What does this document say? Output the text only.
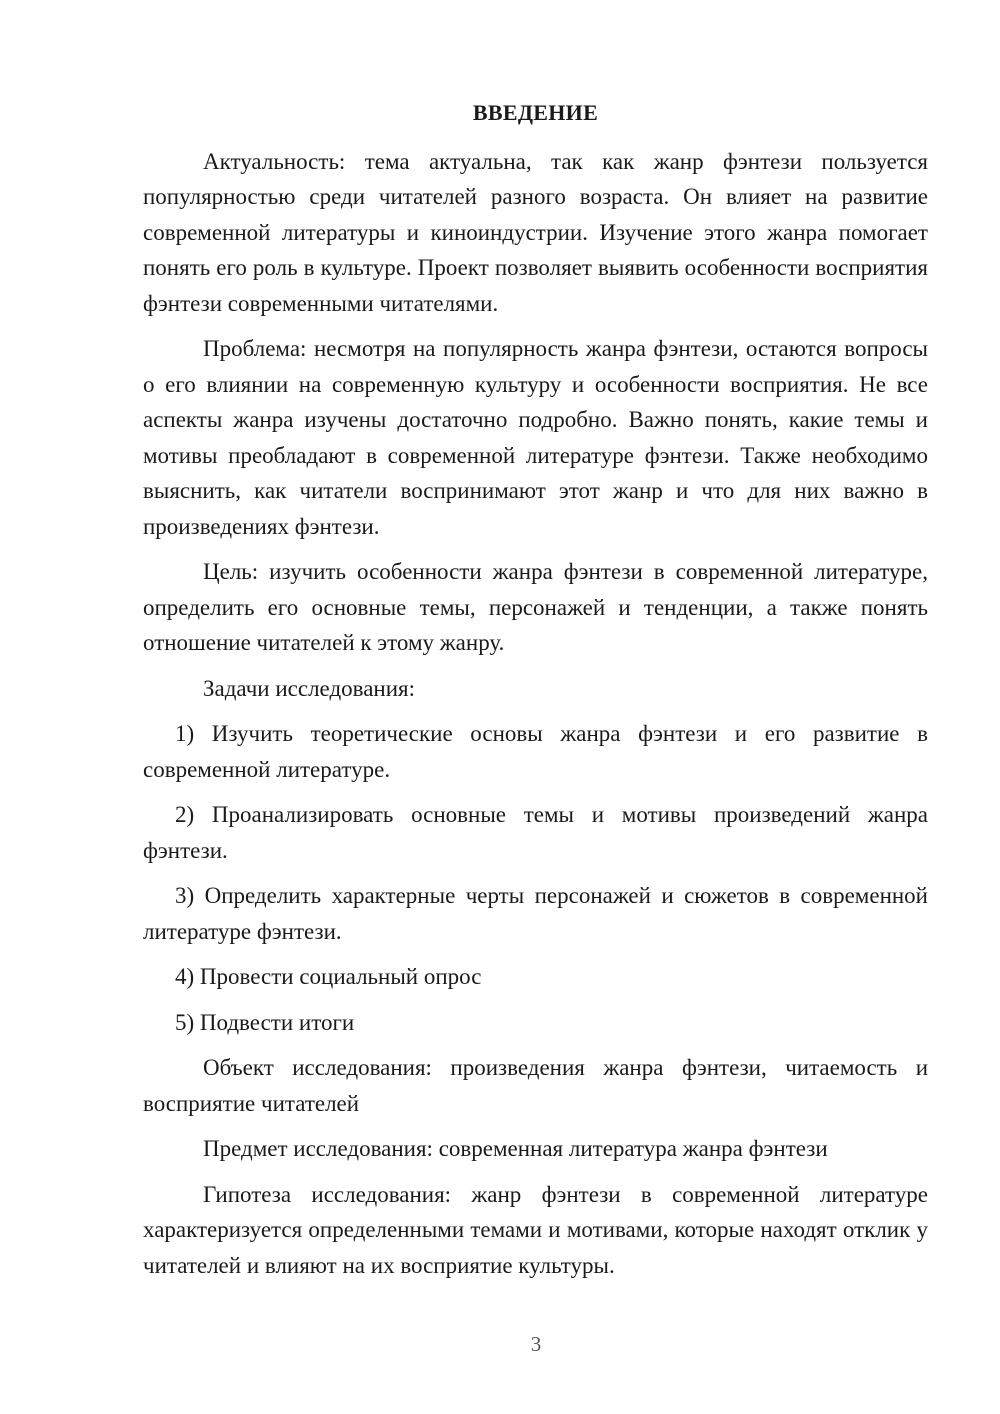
ВВЕДЕНИЕ

Актуальность: тема актуальна, так как жанр фэнтези пользуется популярностью среди читателей разного возраста. Он влияет на развитие современной литературы и киноиндустрии. Изучение этого жанра помогает понять его роль в культуре. Проект позволяет выявить особенности восприятия фэнтези современными читателями.

Проблема: несмотря на популярность жанра фэнтези, остаются вопросы о его влиянии на современную культуру и особенности восприятия. Не все аспекты жанра изучены достаточно подробно. Важно понять, какие темы и мотивы преобладают в современной литературе фэнтези. Также необходимо выяснить, как читатели воспринимают этот жанр и что для них важно в произведениях фэнтези.

Цель: изучить особенности жанра фэнтези в современной литературе, определить его основные темы, персонажей и тенденции, а также понять отношение читателей к этому жанру.

Задачи исследования:

1) Изучить теоретические основы жанра фэнтези и его развитие в современной литературе.

2) Проанализировать основные темы и мотивы произведений жанра фэнтези.

3) Определить характерные черты персонажей и сюжетов в современной литературе фэнтези.

4) Провести социальный опрос

5) Подвести итоги

Объект исследования: произведения жанра фэнтези, читаемость и восприятие читателей

Предмет исследования: современная литература жанра фэнтези

Гипотеза исследования: жанр фэнтези в современной литературе характеризуется определенными темами и мотивами, которые находят отклик у читателей и влияют на их восприятие культуры.

3
